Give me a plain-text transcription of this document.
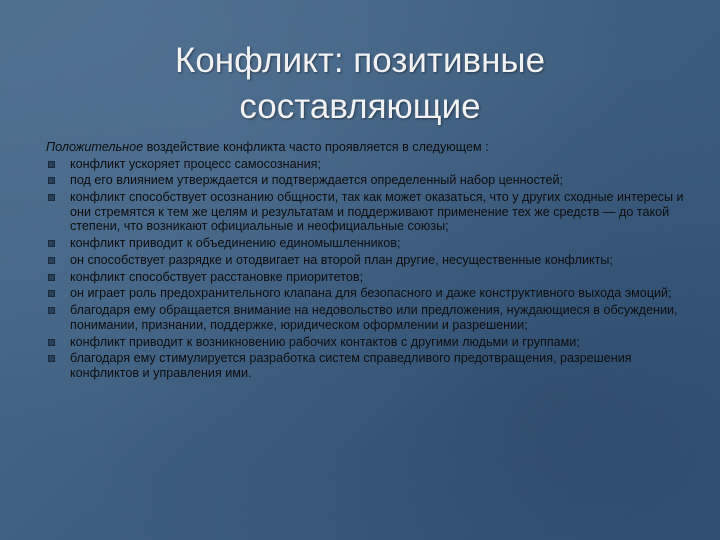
Конфликт: позитивные
составляющие
Положительное воздействие конфликта часто проявляется в следующем :
конфликт ускоряет процесс самосознания;
под его влиянием утверждается и подтверждается определенный набор ценностей;
конфликт способствует осознанию общности, так как может оказаться, что у других сходные интересы и они стремятся к тем же целям и результатам и поддерживают применение тех же средств — до такой степени, что возникают официальные и неофициальные союзы;
конфликт приводит к объединению единомышленников;
он способствует разрядке и отодвигает на второй план другие, несущественные конфликты;
конфликт способствует расстановке приоритетов;
он играет роль предохранительного клапана для безопасного и даже конструктивного выхода эмоций;
благодаря ему обращается внимание на недовольство или предложения, нуждающиеся в обсуждении, понимании, признании, поддержке, юридическом оформлении и разрешении;
конфликт приводит к возникновению рабочих контактов с другими людьми и группами;
благодаря ему стимулируется разработка систем справедливого предотвращения, разрешения конфликтов и управления ими.
